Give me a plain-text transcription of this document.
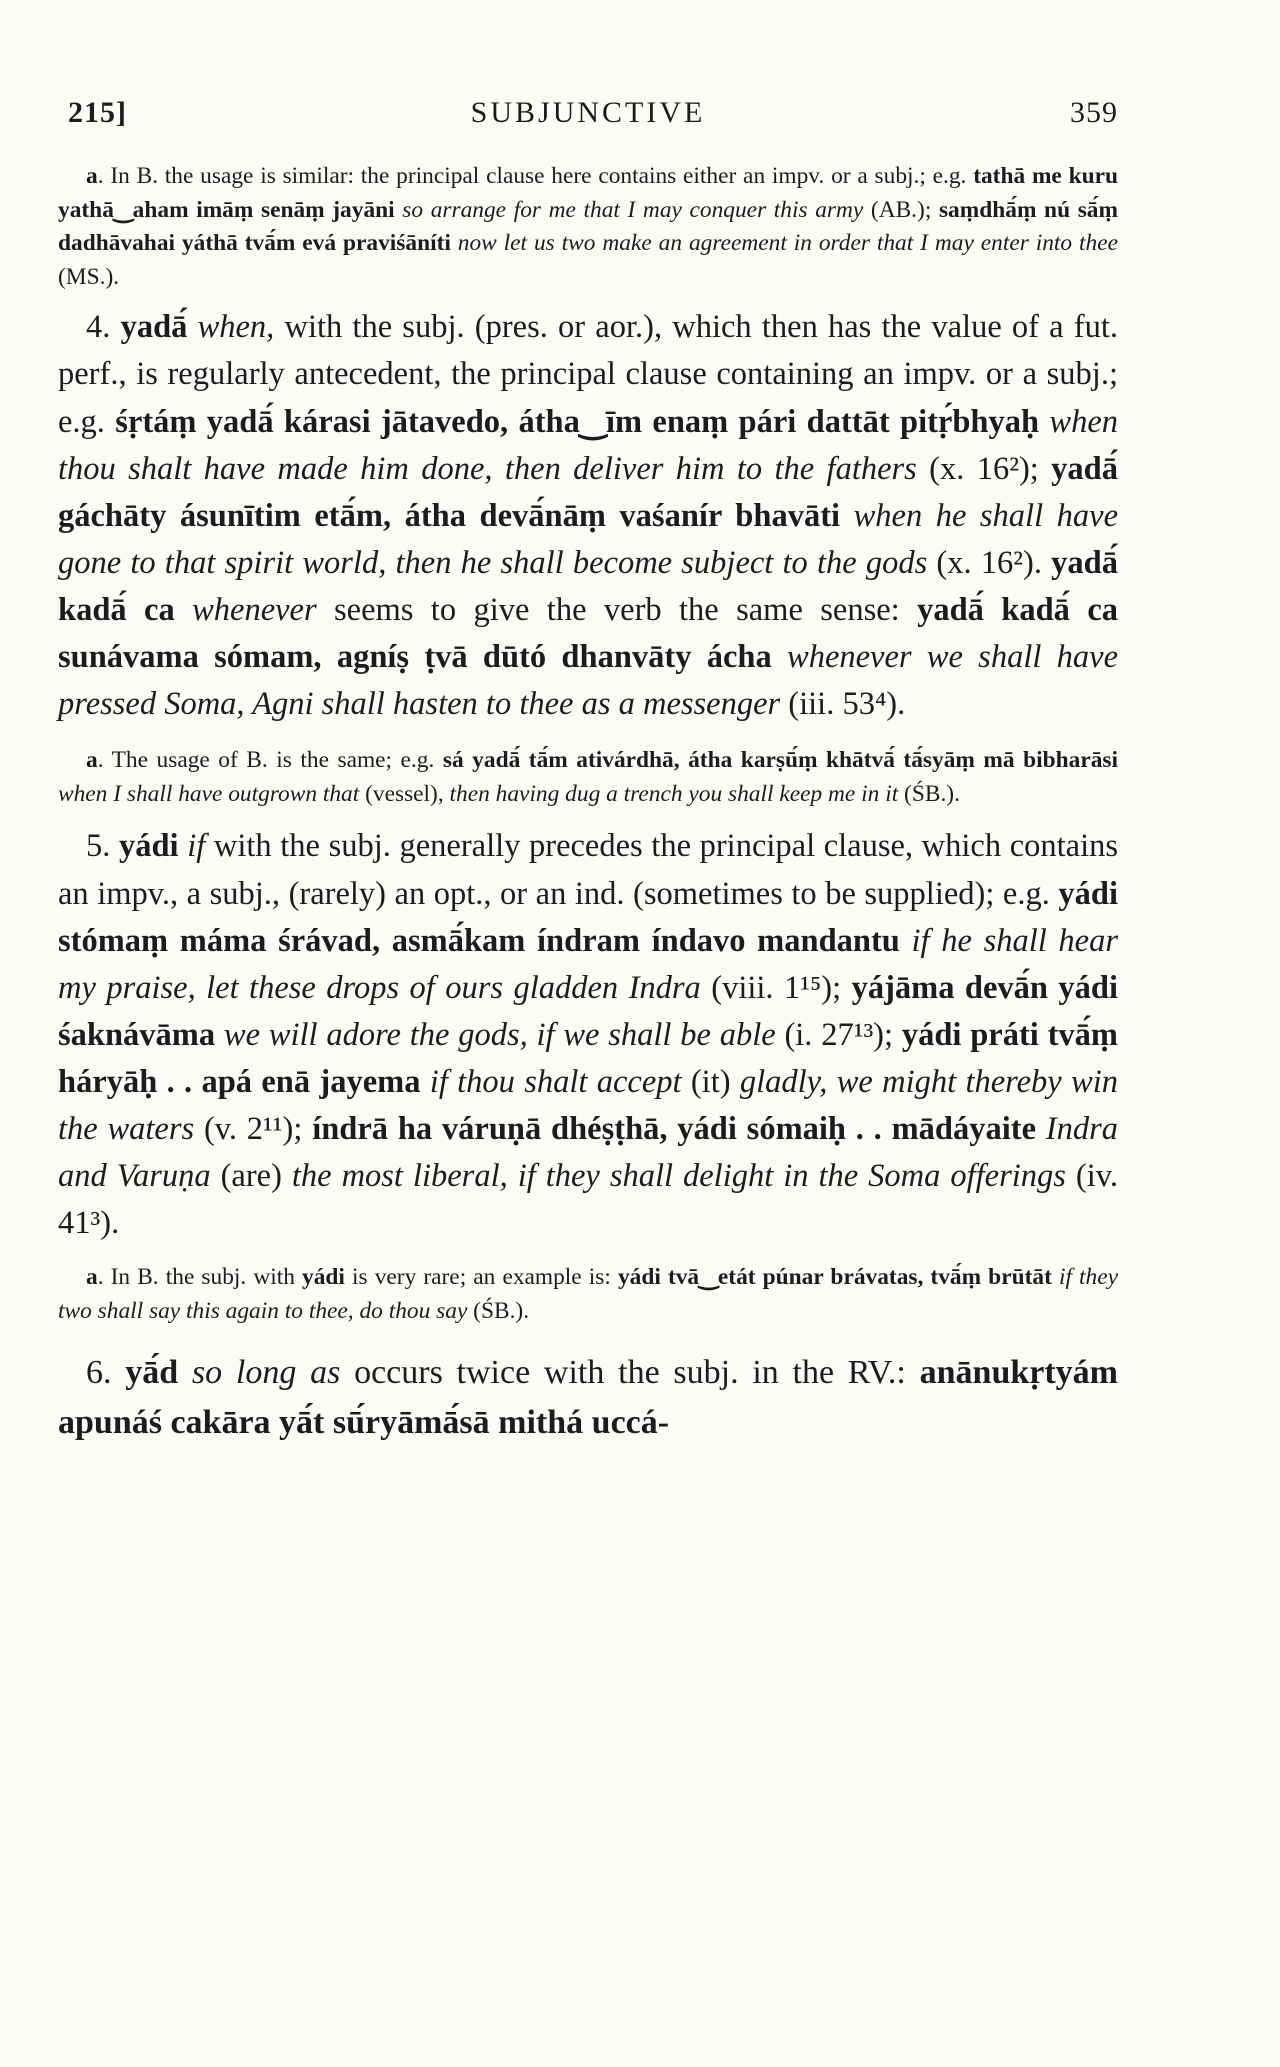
215]	SUBJUNCTIVE	359

a. In B. the usage is similar: the principal clause here contains either an impv. or a subj.; e.g. tathā me kuru yathā‿aham imāṃ senāṃ jayāni so arrange for me that I may conquer this army (AB.); saṃdhā́ṃ nú sā́ṃ dadhāvahai yáthā tvā́m evá praviśāníti now let us two make an agreement in order that I may enter into thee (MS.).

4. yadā́ when, with the subj. (pres. or aor.), which then has the value of a fut. perf., is regularly antecedent, the principal clause containing an impv. or a subj.; e.g. śṛtáṃ yadā́ kárasi jātavedo, átha‿īm enaṃ pári dattāt pitṛ́bhyaḥ when thou shalt have made him done, then deliver him to the fathers (x. 16²); yadā́ gáchāty ásunītim etā́m, átha devā́nāṃ vaśanír bhavāti when he shall have gone to that spirit world, then he shall become subject to the gods (x. 16²). yadā́ kadā́ ca whenever seems to give the verb the same sense: yadā́ kadā́ ca sunávama sómam, agníṣ ṭvā dūtó dhanvāty ácha whenever we shall have pressed Soma, Agni shall hasten to thee as a messenger (iii. 53⁴).

a. The usage of B. is the same; e.g. sá yadā́ tā́m ativárdhā, átha karṣū́ṃ khātvā́ tā́syāṃ mā bibharāsi when I shall have outgrown that (vessel), then having dug a trench you shall keep me in it (ŚB.).

5. yádi if with the subj. generally precedes the principal clause, which contains an impv., a subj., (rarely) an opt., or an ind. (sometimes to be supplied); e.g. yádi stómaṃ máma śrávad, asmā́kam índram índavo mandantu if he shall hear my praise, let these drops of ours gladden Indra (viii. 1¹⁵); yájāma devā́n yádi śaknávāma we will adore the gods, if we shall be able (i. 27¹³); yádi práti tvā́ṃ háryāḥ . . apá enā jayema if thou shalt accept (it) gladly, we might thereby win the waters (v. 2¹¹); índrā ha váruṇā dhéṣṭhā, yádi sómaiḥ . . mādáyaite Indra and Varuṇa (are) the most liberal, if they shall delight in the Soma offerings (iv. 41³).

a. In B. the subj. with yádi is very rare; an example is: yádi tvā‿etát púnar brávatas, tvā́ṃ brūtāt if they two shall say this again to thee, do thou say (ŚB.).

6. yā́d so long as occurs twice with the subj. in the RV.: anānukṛtyám apunáś cakāra yā́t sū́ryāmā́sā mithá uccá-
